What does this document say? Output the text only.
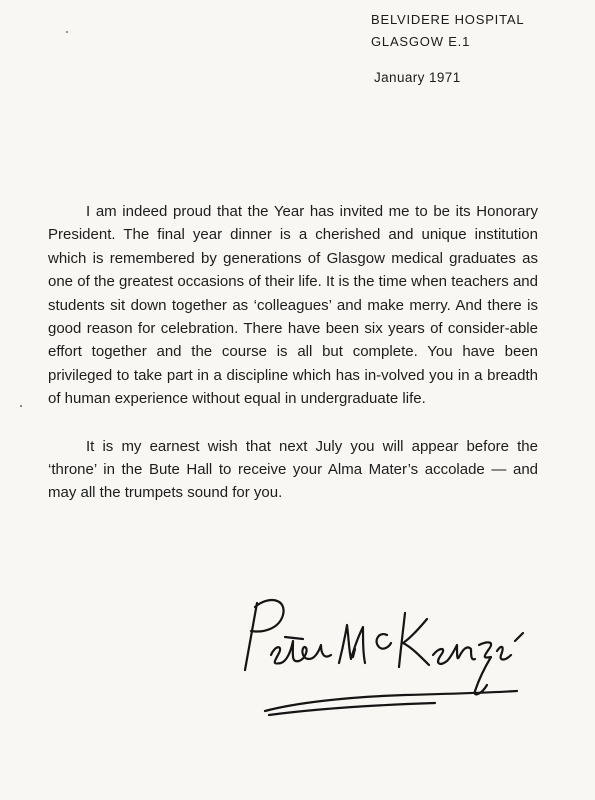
BELVIDERE HOSPITAL
GLASGOW E.1
January 1971

I am indeed proud that the Year has invited me to be its Honorary President. The final year dinner is a cherished and unique institution which is remembered by generations of Glasgow medical graduates as one of the greatest occasions of their life. It is the time when teachers and students sit down together as ‘colleagues’ and make merry. And there is good reason for celebration. There have been six years of consider-able effort together and the course is all but complete. You have been privileged to take part in a discipline which has in-volved you in a breadth of human experience without equal in undergraduate life.

It is my earnest wish that next July you will appear before the ‘throne’ in the Bute Hall to receive your Alma Mater’s accolade — and may all the trumpets sound for you.
